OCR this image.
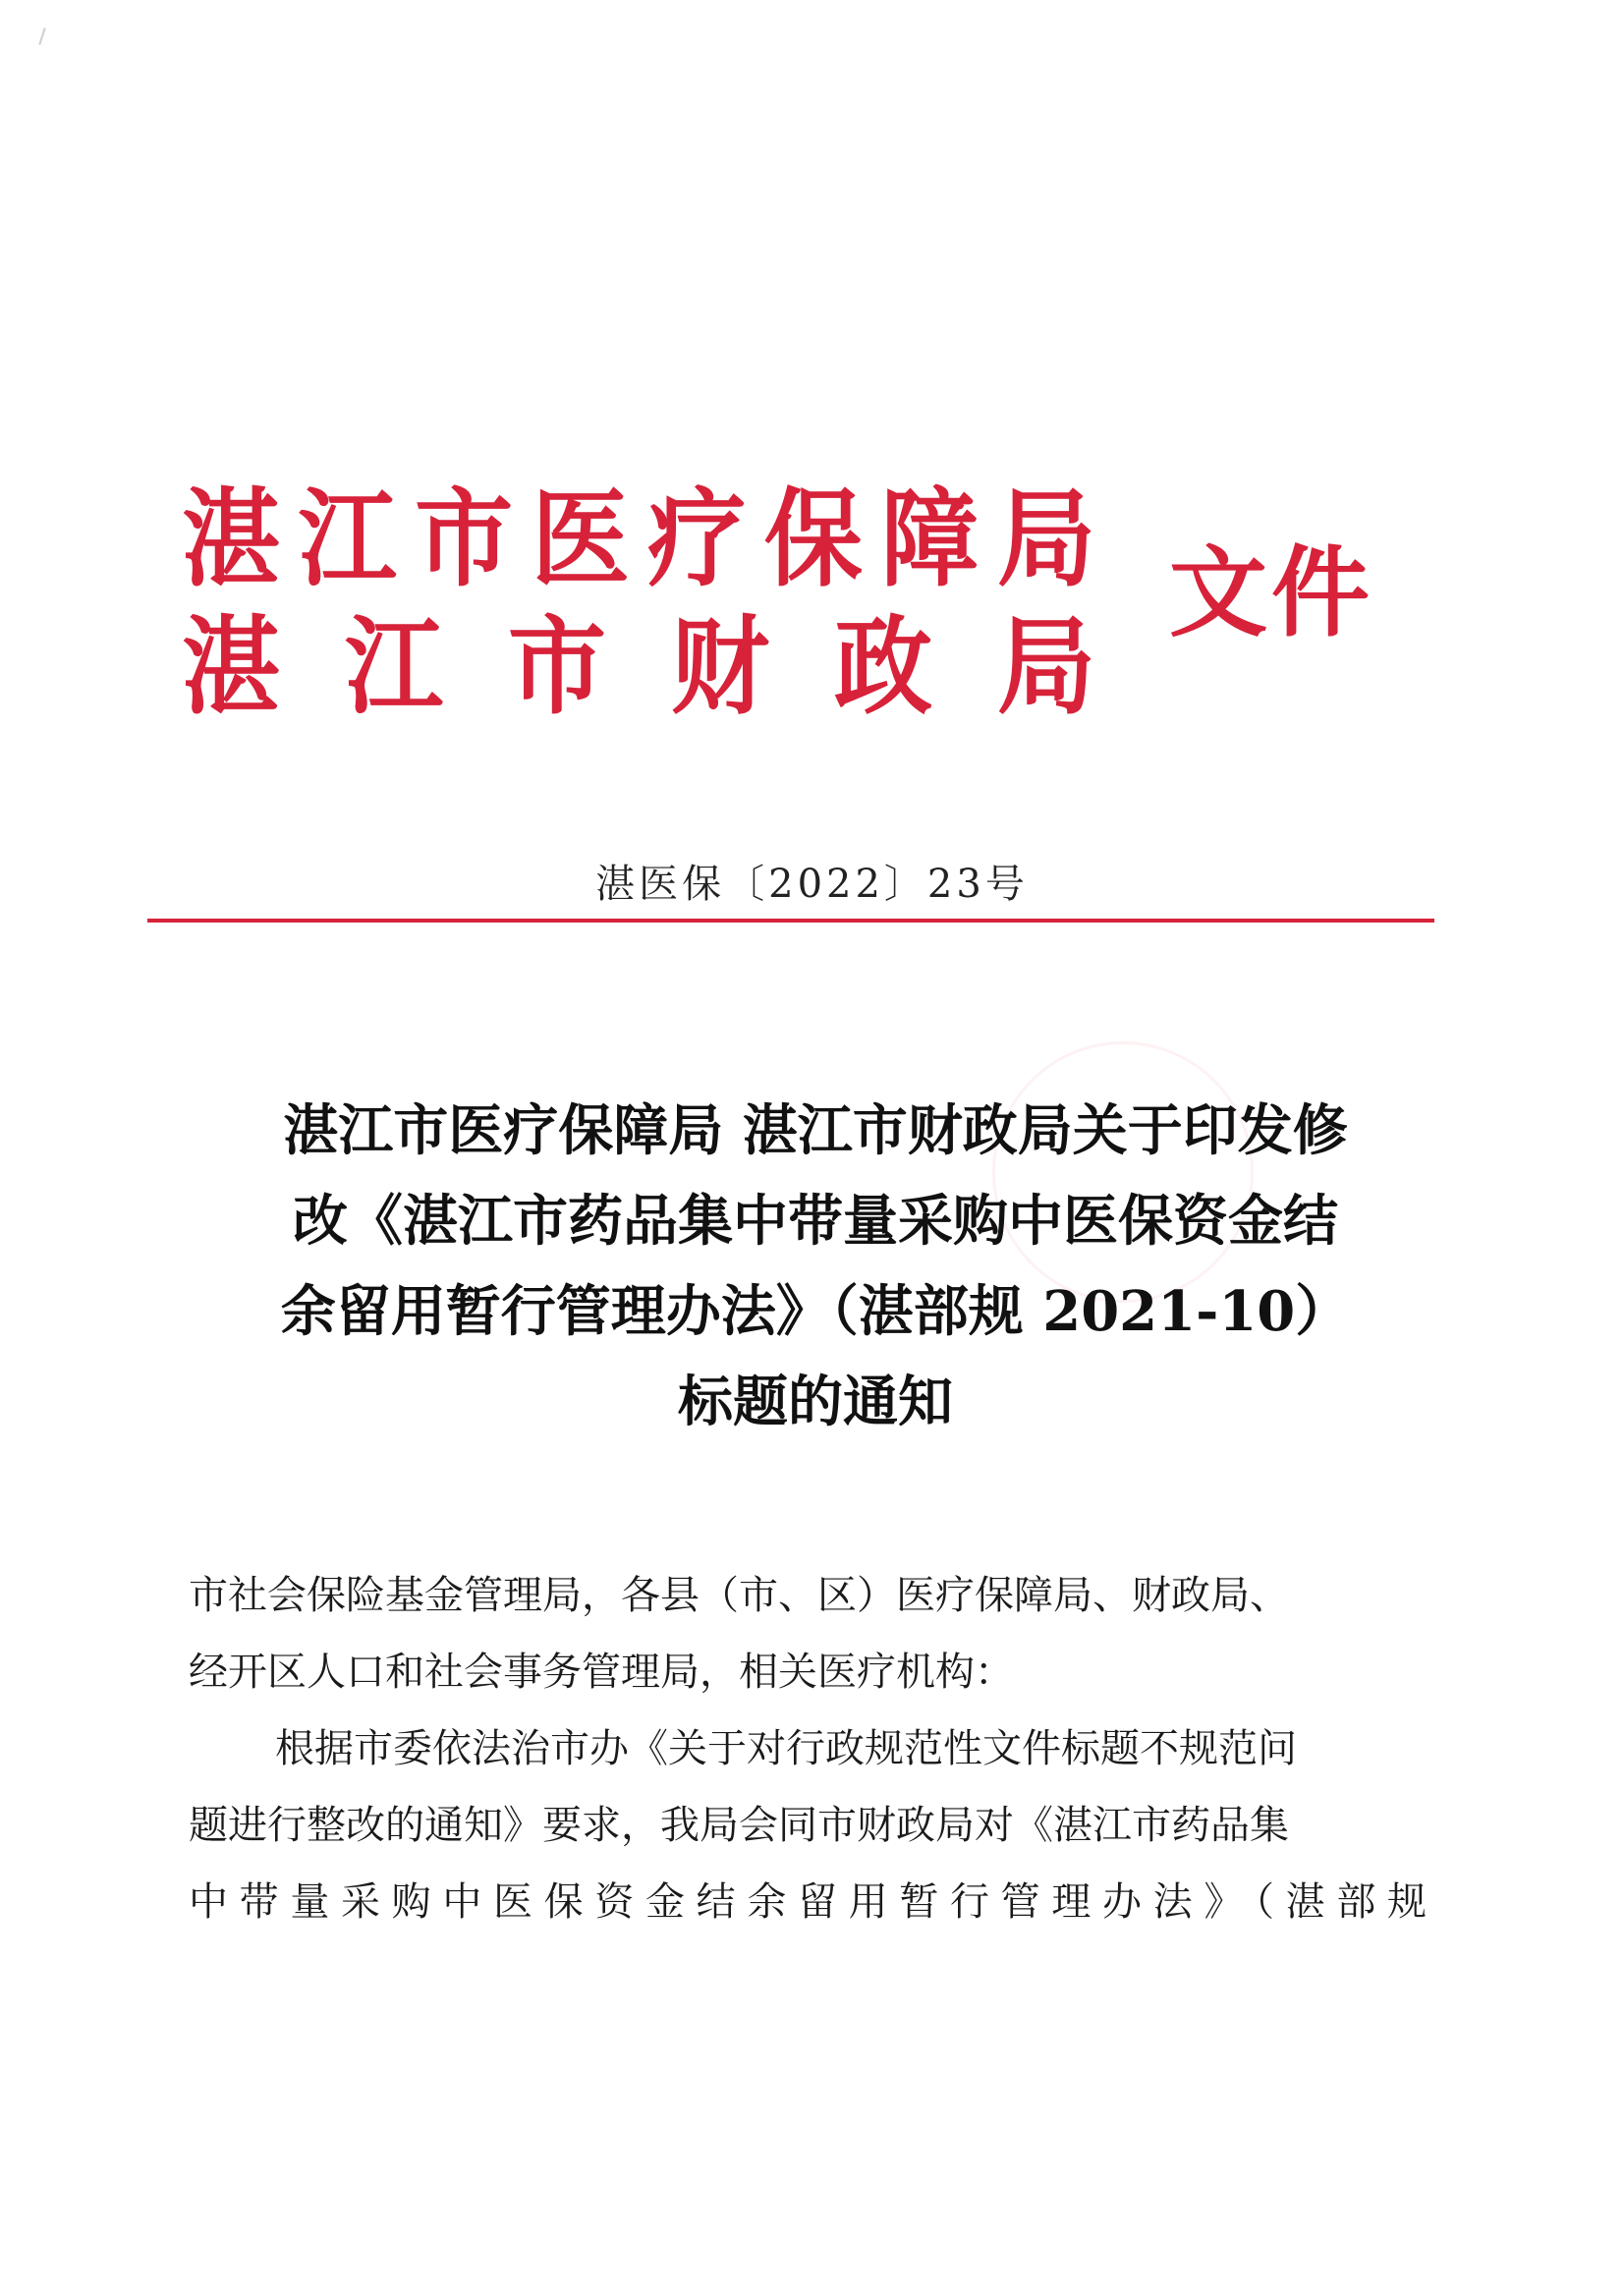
湛 江 市 医 疗 保 障 局
湛 江 市 财 政 局
文件
湛医保〔2022〕23号
湛江市医疗保障局 湛江市财政局关于印发修
改《湛江市药品集中带量采购中医保资金结
余留用暂行管理办法》（湛部规 2021-10）
标题的通知
市社会保险基金管理局，各县（市、区）医疗保障局、财政局、
经开区人口和社会事务管理局，相关医疗机构：
根据市委依法治市办《关于对行政规范性文件标题不规范问
题进行整改的通知》要求，我局会同市财政局对《湛江市药品集
中带量采购中医保资金结余留用暂行管理办法》（湛部规
